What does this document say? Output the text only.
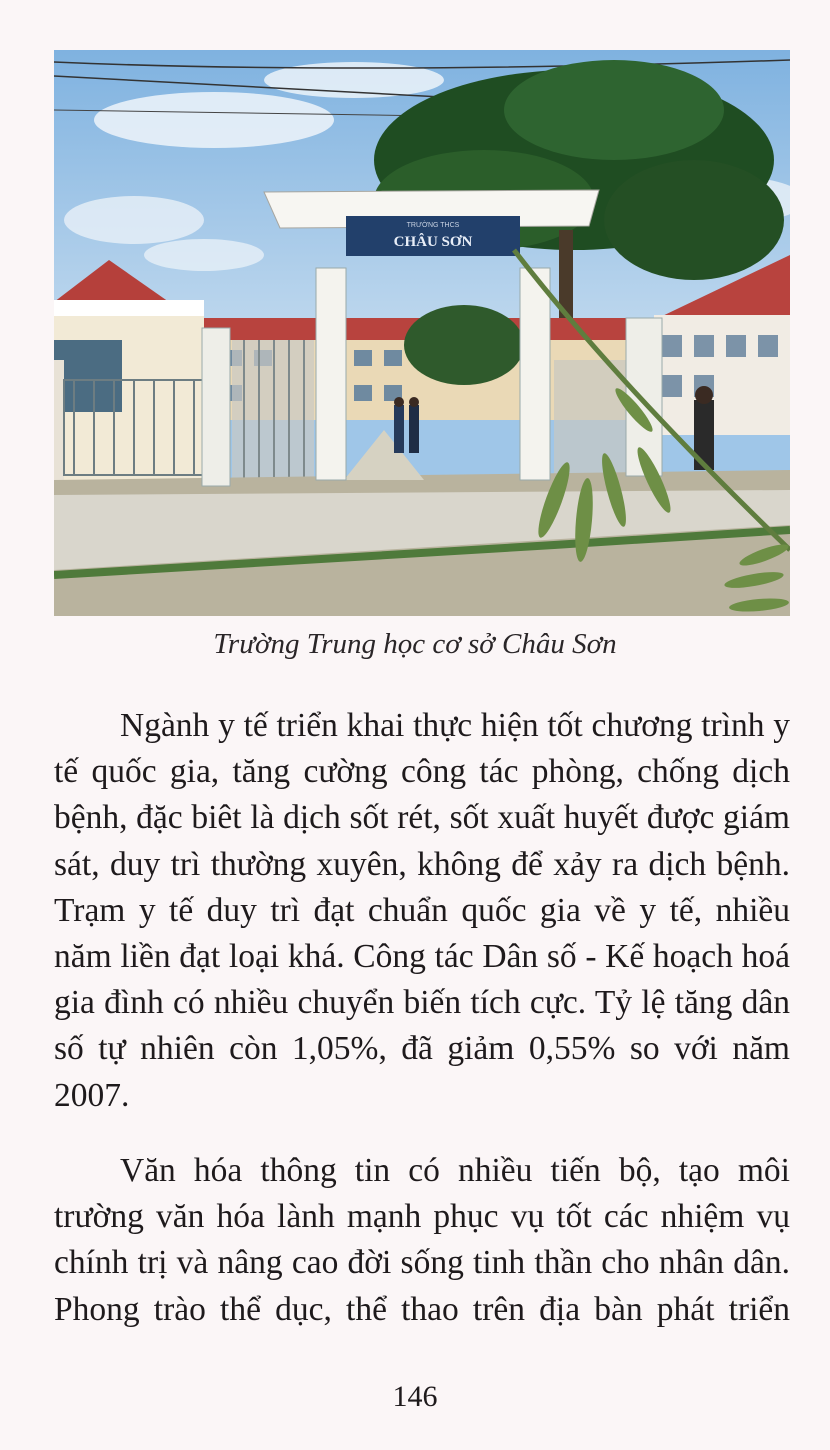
TRƯỜNG THCS
CHÂU SƠN
Trường Trung học cơ sở Châu Sơn

Ngành y tế triển khai thực hiện tốt chương trình y tế quốc gia, tăng cường công tác phòng, chống dịch bệnh, đặc biêt là dịch sốt rét, sốt xuất huyết được giám sát, duy trì thường xuyên, không để xảy ra dịch bệnh. Trạm y tế duy trì đạt chuẩn quốc gia về y tế, nhiều năm liền đạt loại khá. Công tác Dân số - Kế hoạch hoá gia đình có nhiều chuyển biến tích cực. Tỷ lệ tăng dân số tự nhiên còn 1,05%, đã giảm 0,55% so với năm 2007.

Văn hóa thông tin có nhiều tiến bộ, tạo môi trường văn hóa lành mạnh phục vụ tốt các nhiệm vụ chính trị và nâng cao đời sống tinh thần cho nhân dân. Phong trào thể dục, thể thao trên địa bàn phát triển

146
